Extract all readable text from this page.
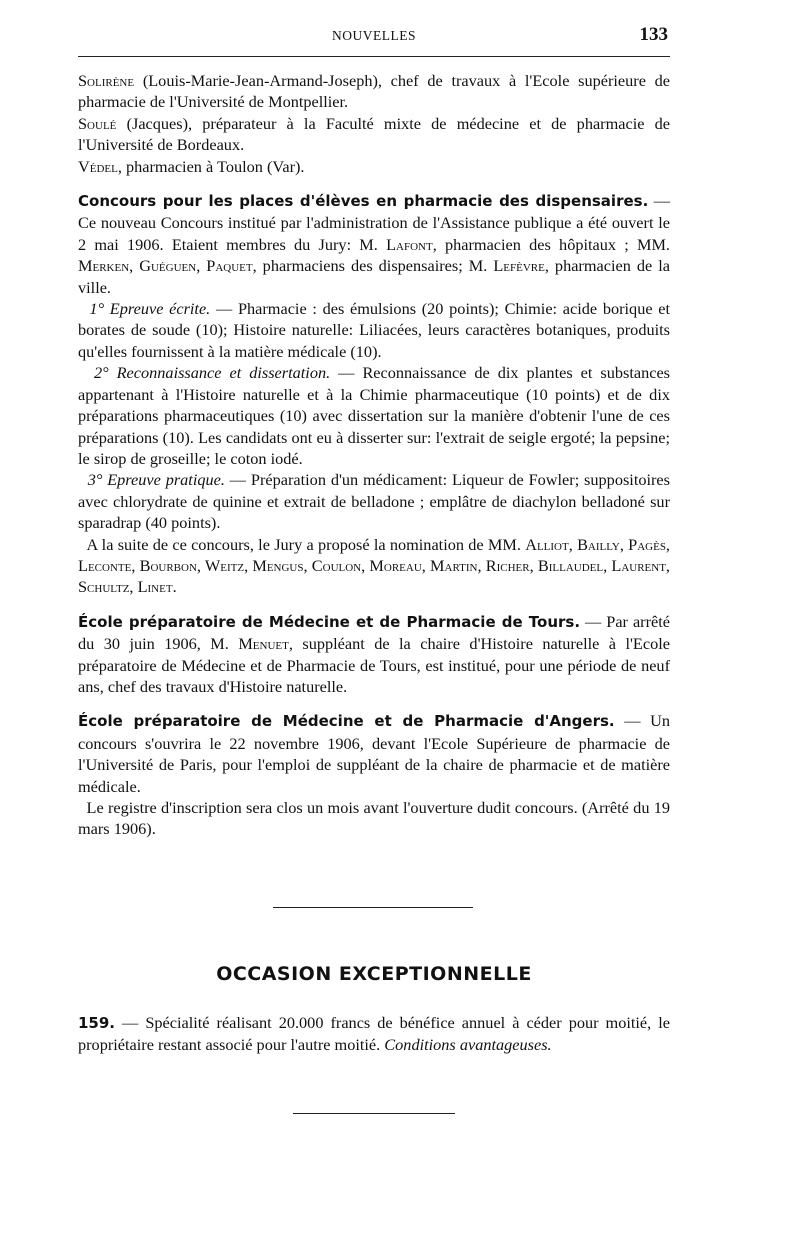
NOUVELLES	133

Solirène (Louis-Marie-Jean-Armand-Joseph), chef de travaux à l'Ecole supérieure de pharmacie de l'Université de Montpellier.

Soulé (Jacques), préparateur à la Faculté mixte de médecine et de pharmacie de l'Université de Bordeaux.

Védel, pharmacien à Toulon (Var).

Concours pour les places d'élèves en pharmacie des dispensaires. — Ce nouveau Concours institué par l'administration de l'Assistance publique a été ouvert le 2 mai 1906. Etaient membres du Jury: M. Lafont, pharmacien des hôpitaux ; MM. Merken, Guéguen, Paquet, pharmaciens des dispensaires; M. Lefèvre, pharmacien de la ville.

1° Epreuve écrite. — Pharmacie : des émulsions (20 points); Chimie: acide borique et borates de soude (10); Histoire naturelle: Liliacées, leurs caractères botaniques, produits qu'elles fournissent à la matière médicale (10).

2° Reconnaissance et dissertation. — Reconnaissance de dix plantes et substances appartenant à l'Histoire naturelle et à la Chimie pharmaceutique (10 points) et de dix préparations pharmaceutiques (10) avec dissertation sur la manière d'obtenir l'une de ces préparations (10). Les candidats ont eu à disserter sur: l'extrait de seigle ergoté; la pepsine; le sirop de groseille; le coton iodé.

3° Epreuve pratique. — Préparation d'un médicament: Liqueur de Fowler; suppositoires avec chlorydrate de quinine et extrait de belladone ; emplâtre de diachylon belladoné sur sparadrap (40 points).

A la suite de ce concours, le Jury a proposé la nomination de MM. Alliot, Bailly, Pagès, Leconte, Bourbon, Weitz, Mengus, Coulon, Moreau, Martin, Richer, Billaudel, Laurent, Schultz, Linet.

École préparatoire de Médecine et de Pharmacie de Tours. — Par arrêté du 30 juin 1906, M. Menuet, suppléant de la chaire d'Histoire naturelle à l'Ecole préparatoire de Médecine et de Pharmacie de Tours, est institué, pour une période de neuf ans, chef des travaux d'Histoire naturelle.

École préparatoire de Médecine et de Pharmacie d'Angers. — Un concours s'ouvrira le 22 novembre 1906, devant l'Ecole Supérieure de pharmacie de l'Université de Paris, pour l'emploi de suppléant de la chaire de pharmacie et de matière médicale.

Le registre d'inscription sera clos un mois avant l'ouverture dudit concours. (Arrêté du 19 mars 1906).

OCCASION EXCEPTIONNELLE

159. — Spécialité réalisant 20.000 francs de bénéfice annuel à céder pour moitié, le propriétaire restant associé pour l'autre moitié. Conditions avantageuses.
